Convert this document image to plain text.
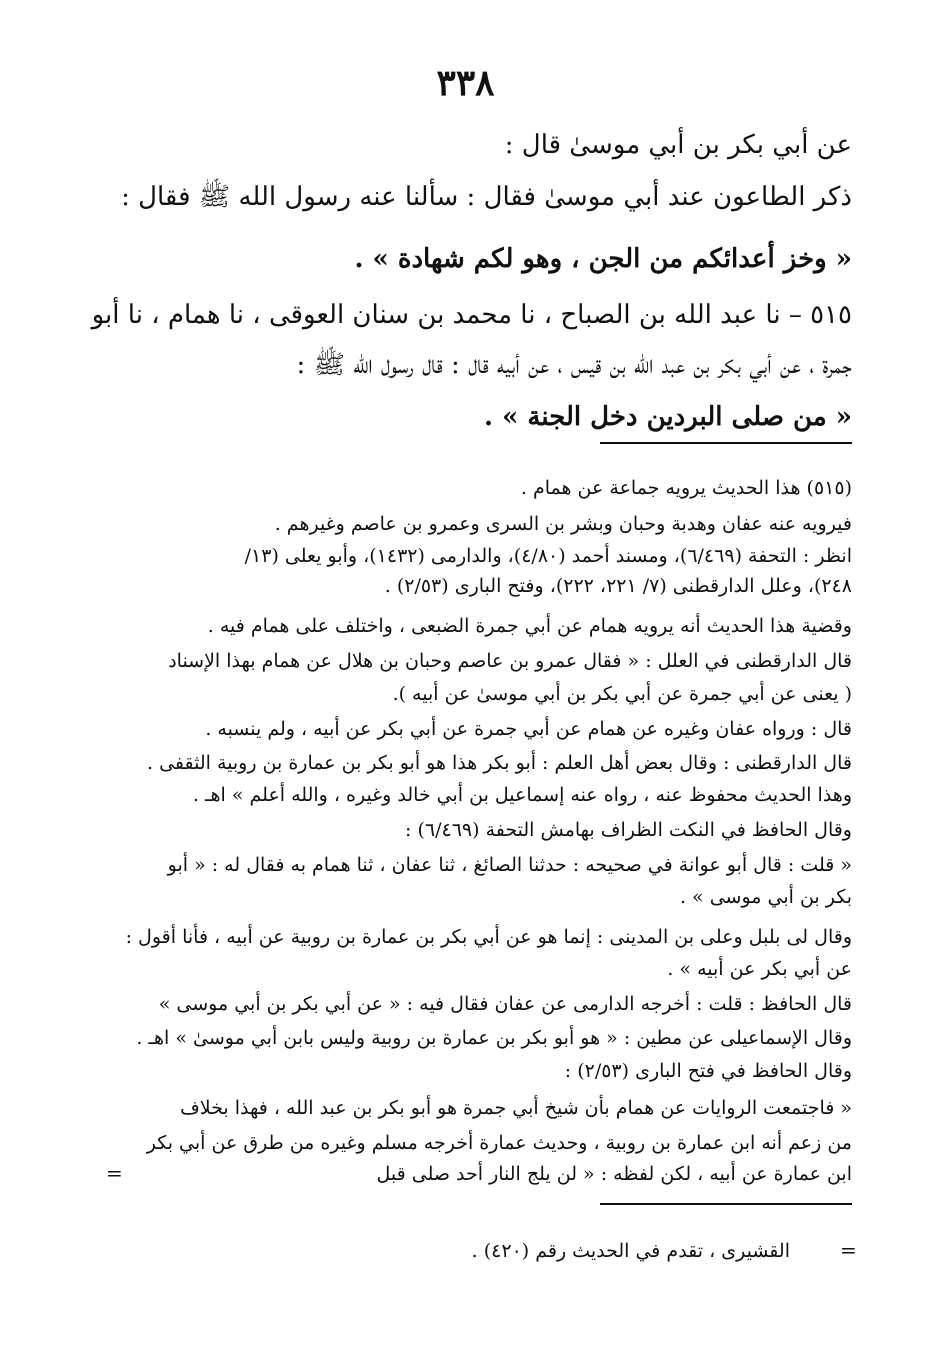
٣٣٨
عن أبي بكر بن أبي موسىٰ قال :
ذكر الطاعون عند أبي موسىٰ فقال : سألنا عنه رسول الله ﷺ فقال :
« وخز أعدائكم من الجن ، وهو لكم شهادة » .
٥١٥ – نا عبد الله بن الصباح ، نا محمد بن سنان العوقى ، نا همام ، نا أبو
جمرة ، عن أبي بكر بن عبد الله بن قيس ، عن أبيه قال : قال رسول الله ﷺ :
« من صلى البردين دخل الجنة » .
(٥١٥) هذا الحديث يرويه جماعة عن همام .
فيرويه عنه عفان وهدبة وحبان وبشر بن السرى وعمرو بن عاصم وغيرهم .
انظر : التحفة (٦/٤٦٩)، ومسند أحمد (٤/٨٠)، والدارمى (١٤٣٢)، وأبو يعلى (١٣/
٢٤٨)، وعلل الدارقطنى (٧/ ٢٢١، ٢٢٢)، وفتح البارى (٢/٥٣) .
وقضية هذا الحديث أنه يرويه همام عن أبي جمرة الضبعى ، واختلف على همام فيه .
قال الدارقطنى في العلل : « فقال عمرو بن عاصم وحبان بن هلال عن همام بهذا الإسناد
( يعنى عن أبي جمرة عن أبي بكر بن أبي موسىٰ عن أبيه ).
قال : ورواه عفان وغيره عن همام عن أبي جمرة عن أبي بكر عن أبيه ، ولم ينسبه .
قال الدارقطنى : وقال بعض أهل العلم : أبو بكر هذا هو أبو بكر بن عمارة بن روبية الثقفى .
وهذا الحديث محفوظ عنه ، رواه عنه إسماعيل بن أبي خالد وغيره ، والله أعلم » اهـ .
وقال الحافظ في النكت الظراف بهامش التحفة (٦/٤٦٩) :
« قلت : قال أبو عوانة في صحيحه : حدثنا الصائغ ، ثنا عفان ، ثنا همام به فقال له : « أبو
بكر بن أبي موسى » .
وقال لى بلبل وعلى بن المدينى : إنما هو عن أبي بكر بن عمارة بن روبية عن أبيه ، فأنا أقول :
عن أبي بكر عن أبيه » .
قال الحافظ : قلت : أخرجه الدارمى عن عفان فقال فيه : « عن أبي بكر بن أبي موسى »
وقال الإسماعيلى عن مطين : « هو أبو بكر بن عمارة بن روبية وليس بابن أبي موسىٰ » اهـ .
وقال الحافظ في فتح البارى (٢/٥٣) :
« فاجتمعت الروايات عن همام بأن شيخ أبي جمرة هو أبو بكر بن عبد الله ، فهذا بخلاف
من زعم أنه ابن عمارة بن روبية ، وحديث عمارة أخرجه مسلم وغيره من طرق عن أبي بكر
ابن عمارة عن أبيه ، لكن لفظه : « لن يلج النار أحد صلى قبل
=
القشيرى ، تقدم في الحديث رقم (٤٢٠) .	=
